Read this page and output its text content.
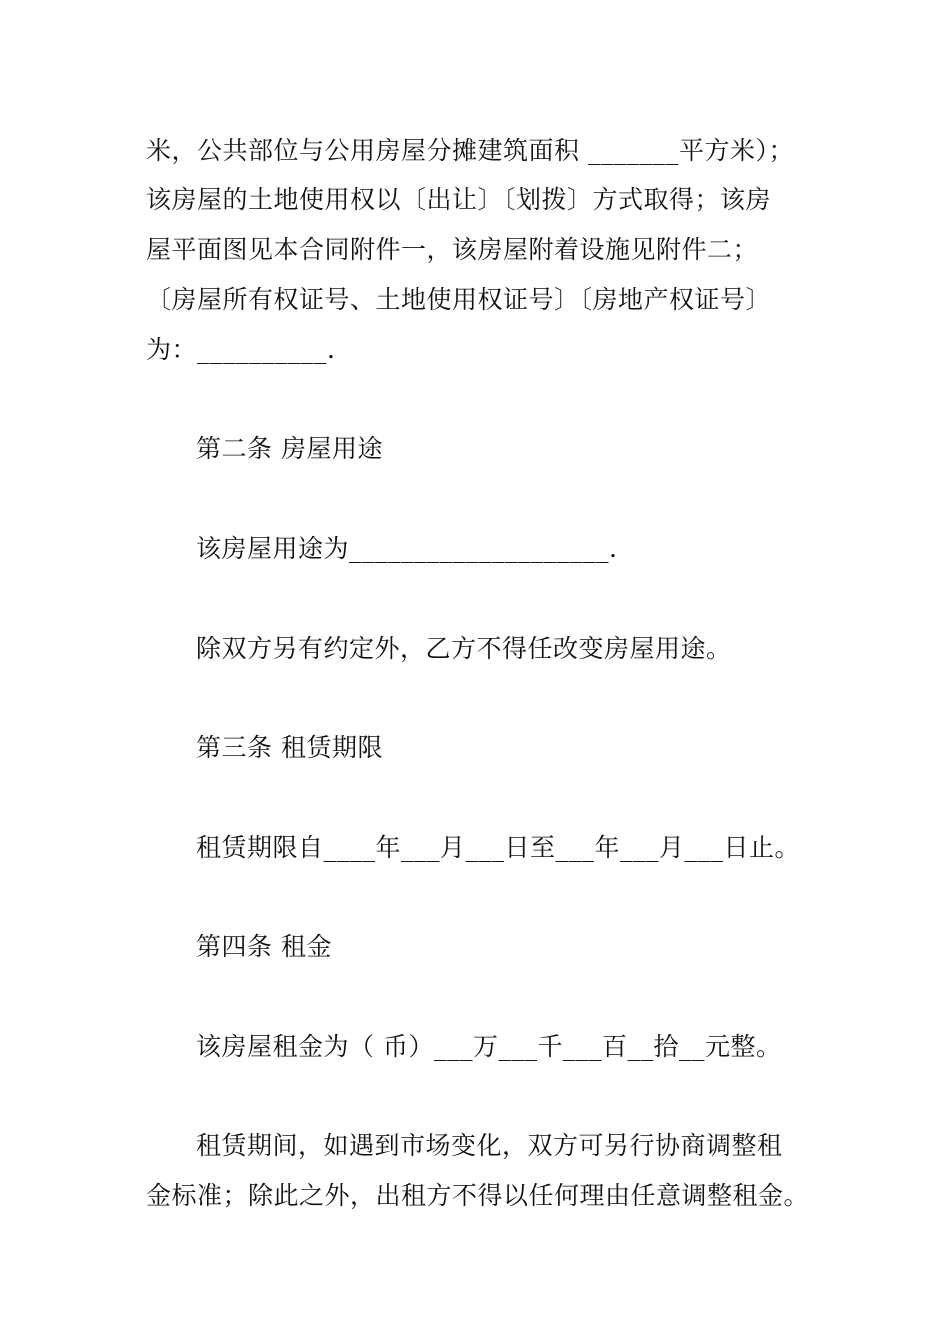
米，公共部位与公用房屋分摊建筑面积 _______平方米）；
该房屋的土地使用权以〔出让〕〔划拨〕方式取得；该房
屋平面图见本合同附件一，该房屋附着设施见附件二；
〔房屋所有权证号、土地使用权证号〕〔房地产权证号〕
为：__________.
第二条 房屋用途
该房屋用途为____________________.
除双方另有约定外，乙方不得任改变房屋用途。
第三条 租赁期限
租赁期限自____年___月___日至___年___月___日止。
第四条 租金
该房屋租金为（ 币）___万___千___百__拾__元整。
租赁期间，如遇到市场变化，双方可另行协商调整租
金标准；除此之外，出租方不得以任何理由任意调整租金。
